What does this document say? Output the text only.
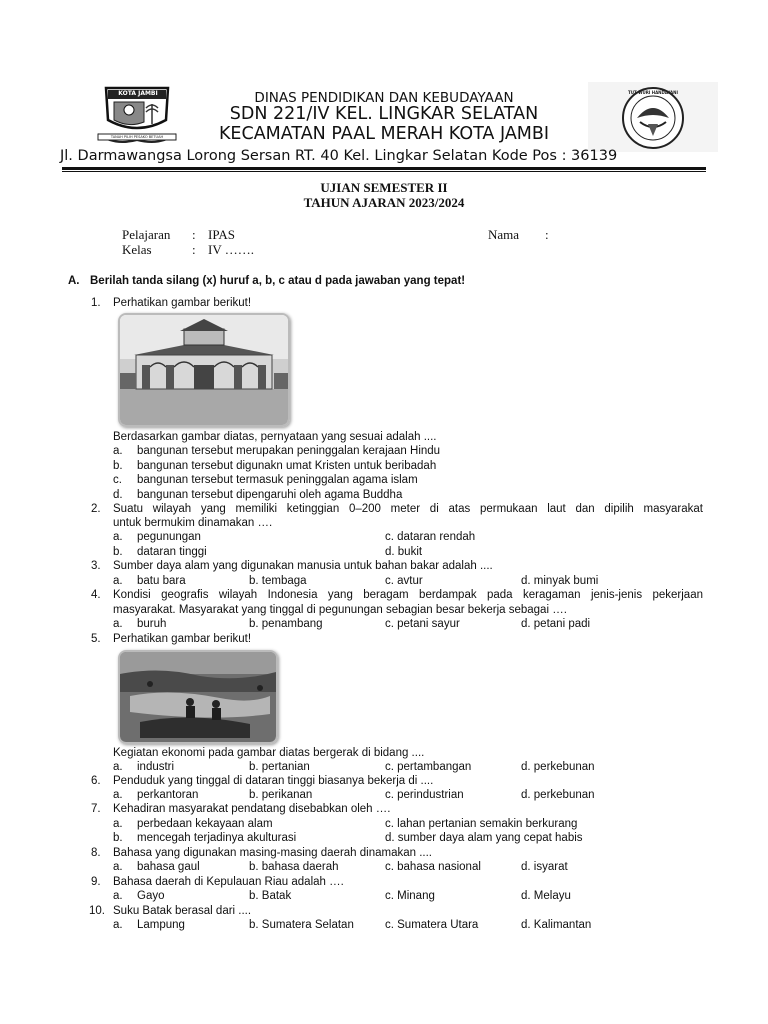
KOTA JAMBI
TANAH PILIH PESAKO BETUAH
TUT WURI HANDAYANI
DINAS PENDIDIKAN DAN KEBUDAYAAN
SDN 221/IV KEL. LINGKAR SELATAN
KECAMATAN PAAL MERAH KOTA JAMBI
Jl. Darmawangsa Lorong Sersan RT. 40 Kel. Lingkar Selatan Kode Pos : 36139
UJIAN SEMESTER II
TAHUN AJARAN 2023/2024
Pelajaran : IPAS
Kelas	: IV …….
Nama :
A. Berilah tanda silang (x) huruf a, b, c atau d pada jawaban yang tepat!
1. Perhatikan gambar berikut!
Berdasarkan gambar diatas, pernyataan yang sesuai adalah ....
a. bangunan tersebut merupakan peninggalan kerajaan Hindu
b. bangunan tersebut digunakn umat Kristen untuk beribadah
c. bangunan tersebut termasuk peninggalan agama islam
d. bangunan tersebut dipengaruhi oleh agama Buddha
2. Suatu wilayah yang memiliki ketinggian 0–200 meter di atas permukaan laut dan dipilih masyarakat
untuk bermukim dinamakan ….
a. pegunungan	c. dataran rendah
b. dataran tinggi	d. bukit
3. Sumber daya alam yang digunakan manusia untuk bahan bakar adalah ....
a. batu bara	b. tembaga	c. avtur	d. minyak bumi
4. Kondisi geografis wilayah Indonesia yang beragam berdampak pada keragaman jenis-jenis pekerjaan
masyarakat. Masyarakat yang tinggal di pegunungan sebagian besar bekerja sebagai ….
a. buruh	b. penambang	c. petani sayur	d. petani padi
5. Perhatikan gambar berikut!
Kegiatan ekonomi pada gambar diatas bergerak di bidang ....
a. industri	b. pertanian	c. pertambangan	d. perkebunan
6. Penduduk yang tinggal di dataran tinggi biasanya bekerja di ....
a. perkantoran	b. perikanan	c. perindustrian	d. perkebunan
7. Kehadiran masyarakat pendatang disebabkan oleh ….
a. perbedaan kekayaan alam	c. lahan pertanian semakin berkurang
b. mencegah terjadinya akulturasi	d. sumber daya alam yang cepat habis
8. Bahasa yang digunakan masing-masing daerah dinamakan ....
a. bahasa gaul	b. bahasa daerah	c. bahasa nasional	d. isyarat
9. Bahasa daerah di Kepulauan Riau adalah ….
a. Gayo	b. Batak	c. Minang	d. Melayu
10. Suku Batak berasal dari ....
a. Lampung	b. Sumatera Selatan	c. Sumatera Utara	d. Kalimantan
